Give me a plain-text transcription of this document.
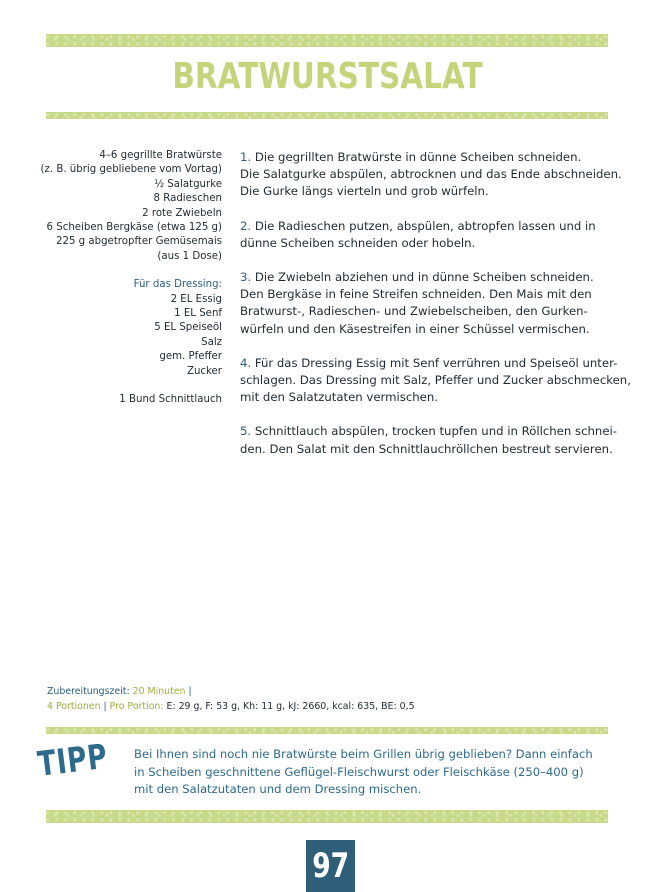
BRATWURSTSALAT
4–6 gegrillte Bratwürste
(z. B. übrig gebliebene vom Vortag)
½ Salatgurke
8 Radieschen
2 rote Zwiebeln
6 Scheiben Bergkäse (etwa 125 g)
225 g abgetropfter Gemüsemais
(aus 1 Dose)
Für das Dressing:
2 EL Essig
1 EL Senf
5 EL Speiseöl
Salz
gem. Pfeffer
Zucker
1 Bund Schnittlauch
1. Die gegrillten Bratwürste in dünne Scheiben schneiden.
Die Salatgurke abspülen, abtrocknen und das Ende abschneiden.
Die Gurke längs vierteln und grob würfeln.
2. Die Radieschen putzen, abspülen, abtropfen lassen und in
dünne Scheiben schneiden oder hobeln.
3. Die Zwiebeln abziehen und in dünne Scheiben schneiden.
Den Bergkäse in feine Streifen schneiden. Den Mais mit den
Bratwurst-, Radieschen- und Zwiebelscheiben, den Gurken-
würfeln und den Käsestreifen in einer Schüssel vermischen.
4. Für das Dressing Essig mit Senf verrühren und Speiseöl unter-
schlagen. Das Dressing mit Salz, Pfeffer und Zucker abschmecken,
mit den Salatzutaten vermischen.
5. Schnittlauch abspülen, trocken tupfen und in Röllchen schnei-
den. Den Salat mit den Schnittlauchröllchen bestreut servieren.
Zubereitungszeit: 20 Minuten |
4 Portionen | Pro Portion: E: 29 g, F: 53 g, Kh: 11 g, kJ: 2660, kcal: 635, BE: 0,5
TIPP Bei Ihnen sind noch nie Bratwürste beim Grillen übrig geblieben? Dann einfach
in Scheiben geschnittene Geflügel-Fleischwurst oder Fleischkäse (250–400 g)
mit den Salatzutaten und dem Dressing mischen.
97
